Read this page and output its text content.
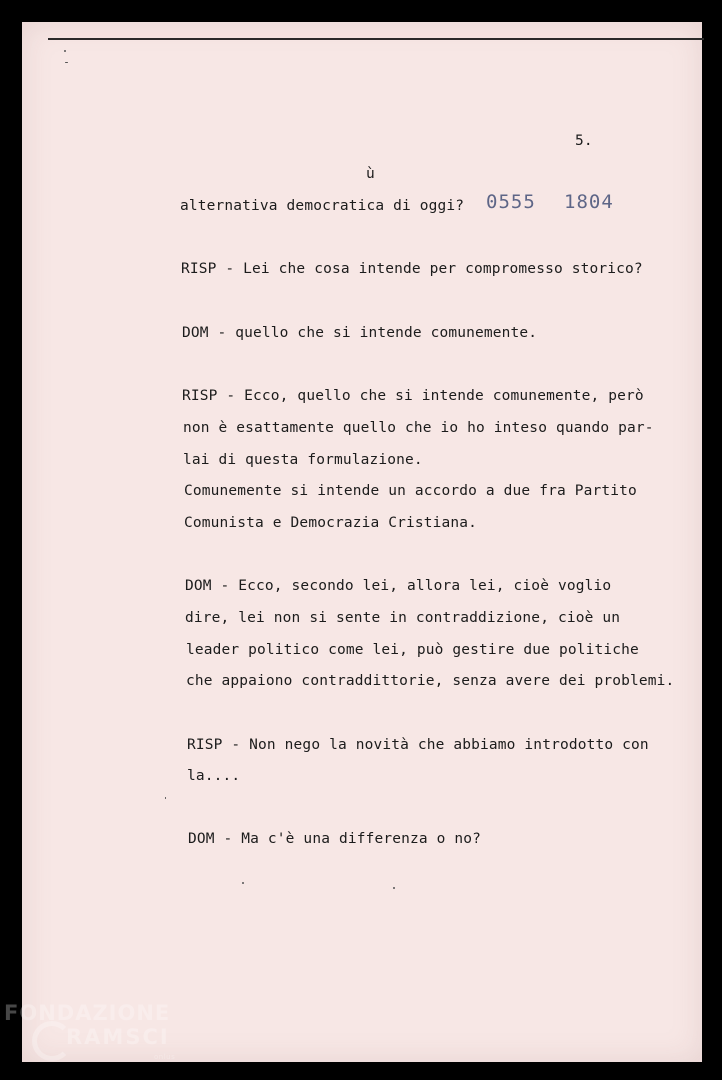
5.
ù
0555 1804
alternativa democratica di oggi?
RISP - Lei che cosa intende per compromesso storico?
DOM - quello che si intende comunemente.
RISP - Ecco, quello che si intende comunemente, però
non è esattamente quello che io ho inteso quando par-
lai di questa formulazione.
Comunemente si intende un accordo a due fra Partito
Comunista e Democrazia Cristiana.
DOM - Ecco, secondo lei, allora lei, cioè voglio
dire, lei non si sente in contraddizione, cioè un
leader politico come lei, può gestire due politiche
che appaiono contraddittorie, senza avere dei problemi.
RISP - Non nego la novità che abbiamo introdotto con
la....
DOM - Ma c'è una differenza o no?
FONDAZIONE
RAMSCI
onlus
